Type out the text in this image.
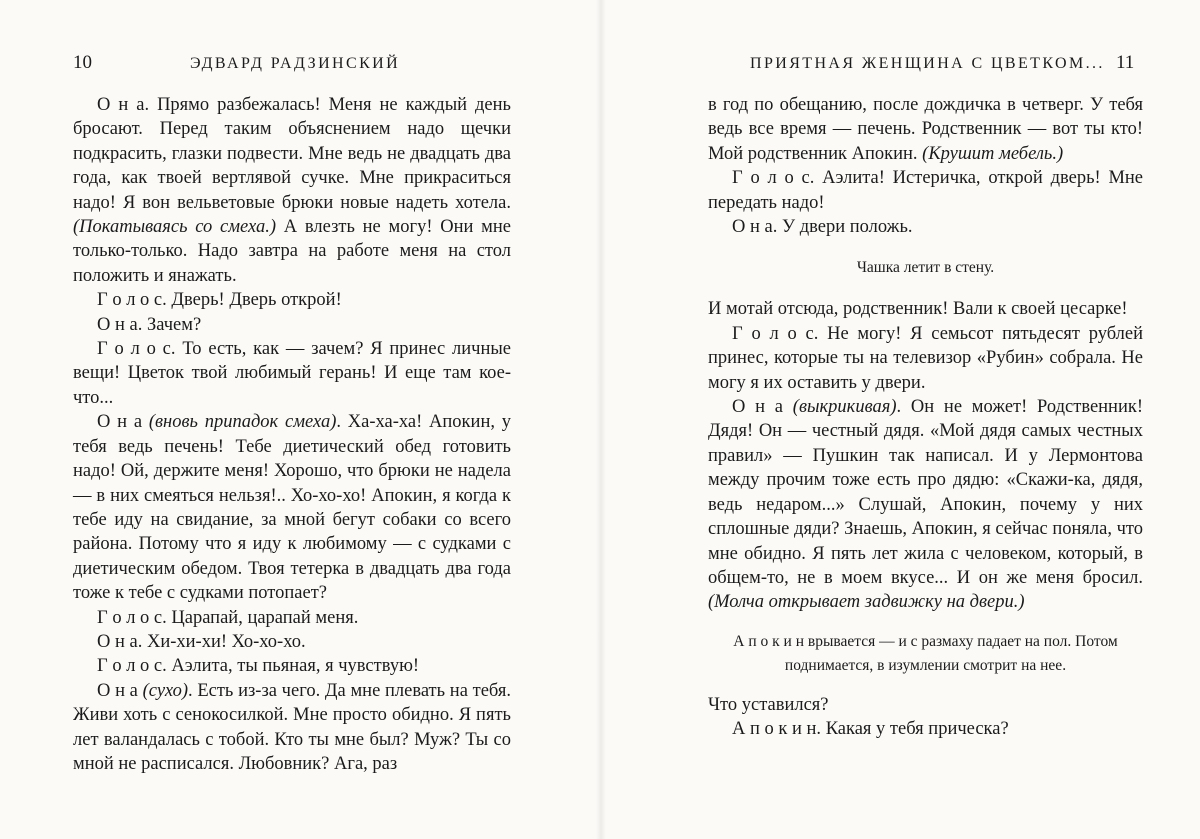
10	ЭДВАРД РАДЗИНСКИЙ

О н а. Прямо разбежалась! Меня не каждый день бросают. Перед таким объяснением надо щечки подкрасить, глазки подвести. Мне ведь не двадцать два года, как твоей вертлявой сучке. Мне прикраситься надо! Я вон вельветовые брюки новые надеть хотела. (Покатываясь со смеха.) А влезть не могу! Они мне только-только. Надо завтра на работе меня на стол положить и янажать.

Г о л о с. Дверь! Дверь открой!

О н а. Зачем?

Г о л о с. То есть, как — зачем? Я принес личные вещи! Цветок твой любимый герань! И еще там кое-что...

О н а (вновь припадок смеха). Ха-ха-ха! Апокин, у тебя ведь печень! Тебе диетический обед готовить надо! Ой, держите меня! Хорошо, что брюки не надела — в них смеяться нельзя!.. Хо-хо-хо! Апокин, я когда к тебе иду на свидание, за мной бегут собаки со всего района. Потому что я иду к любимому — с судками с диетическим обедом. Твоя тетерка в двадцать два года тоже к тебе с судками потопает?

Г о л о с. Царапай, царапай меня.

О н а. Хи-хи-хи! Хо-хо-хо.

Г о л о с. Аэлита, ты пьяная, я чувствую!

О н а (сухо). Есть из-за чего. Да мне плевать на тебя. Живи хоть с сенокосилкой. Мне просто обидно. Я пять лет валандалась с тобой. Кто ты мне был? Муж? Ты со мной не расписался. Любовник? Ага, раз

ПРИЯТНАЯ ЖЕНЩИНА С ЦВЕТКОМ... 11

в год по обещанию, после дождичка в четверг. У тебя ведь все время — печень. Родственник — вот ты кто! Мой родственник Апокин. (Крушит мебель.)

Г о л о с. Аэлита! Истеричка, открой дверь! Мне передать надо!

О н а. У двери положь.

Чашка летит в стену.

И мотай отсюда, родственник! Вали к своей цесарке!

Г о л о с. Не могу! Я семьсот пятьдесят рублей принес, которые ты на телевизор «Рубин» собрала. Не могу я их оставить у двери.

О н а (выкрикивая). Он не может! Родственник! Дядя! Он — честный дядя. «Мой дядя самых честных правил» — Пушкин так написал. И у Лермонтова между прочим тоже есть про дядю: «Скажи-ка, дядя, ведь недаром...» Слушай, Апокин, почему у них сплошные дяди? Знаешь, Апокин, я сейчас поняла, что мне обидно. Я пять лет жила с человеком, который, в общем-то, не в моем вкусе... И он же меня бросил. (Молча открывает задвижку на двери.)

А п о к и н врывается — и с размаху падает на пол. Потом поднимается, в изумлении смотрит на нее.

Что уставился?

А п о к и н. Какая у тебя прическа?
